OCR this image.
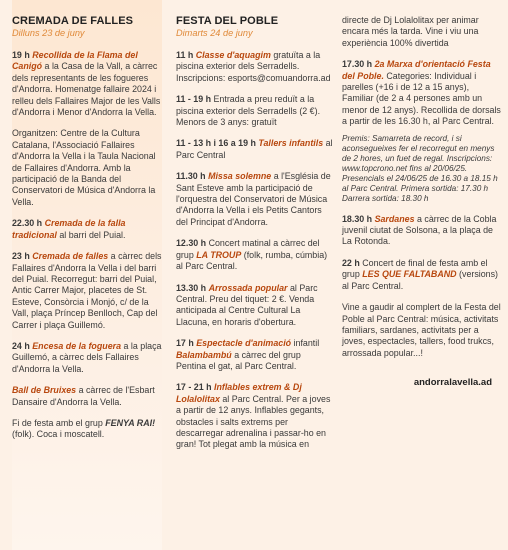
CREMADA DE FALLES
Dilluns 23 de juny

19 h Recollida de la Flama del Canigó a la Casa de la Vall, a càrrec dels representants de les fogueres d'Andorra. Homenatge fallaire 2024 i relleu dels Fallaires Major de les Valls d'Andorra i Menor d'Andorra la Vella.

Organitzen: Centre de la Cultura Catalana, l'Associació Fallaires d'Andorra la Vella i la Taula Nacional de Fallaires d'Andorra. Amb la participació de la Banda del Conservatori de Música d'Andorra la Vella.

22.30 h Cremada de la falla tradicional al barri del Puial.

23 h Cremada de falles a càrrec dels Fallaires d'Andorra la Vella i del barri del Puial. Recorregut: barri del Puial, Antic Carrer Major, placetes de St. Esteve, Consòrcia i Monjó, c/ de la Vall, plaça Príncep Benlloch, Cap del Carrer i plaça Guillemó.

24 h Encesa de la foguera a la plaça Guillemó, a càrrec dels Fallaires d'Andorra la Vella.

Ball de Bruixes a càrrec de l'Esbart Dansaire d'Andorra la Vella.

Fi de festa amb el grup FENYA RAI! (folk). Coca i moscatell.

FESTA DEL POBLE
Dimarts 24 de juny

11 h Classe d'aquagim gratuïta a la piscina exterior dels Serradells. Inscripcions: esports@comuandorra.ad

11 - 19 h Entrada a preu reduït a la piscina exterior dels Serradells (2 €). Menors de 3 anys: gratuït

11 - 13 h i 16 a 19 h Tallers infantils al Parc Central

11.30 h Missa solemne a l'Església de Sant Esteve amb la participació de l'orquestra del Conservatori de Música d'Andorra la Vella i els Petits Cantors del Principat d'Andorra.

12.30 h Concert matinal a càrrec del grup LA TROUP (folk, rumba, cúmbia) al Parc Central.

13.30 h Arrossada popular al Parc Central. Preu del tiquet: 2 €. Venda anticipada al Centre Cultural La Llacuna, en horaris d'obertura.

17 h Espectacle d'animació infantil Balambambú a càrrec del grup Pentina el gat, al Parc Central.

17 - 21 h Inflables extrem & Dj Lolalolitax al Parc Central. Per a joves a partir de 12 anys. Inflables gegants, obstacles i salts extrems per descarregar adrenalina i passar-ho en gran! Tot plegat amb la música en

directe de Dj Lolalolitax per animar encara més la tarda. Vine i viu una experiència 100% divertida

17.30 h 2a Marxa d'orientació Festa del Poble. Categories: Individual i parelles (+16 i de 12 a 15 anys), Familiar (de 2 a 4 persones amb un menor de 12 anys). Recollida de dorsals a partir de les 16.30 h, al Parc Central.

Premis: Samarreta de record, i si aconsegueixes fer el recorregut en menys de 2 hores, un fuet de regal. Inscripcions: www.topcrono.net fins al 20/06/25. Presencials el 24/06/25 de 16.30 a 18.15 h al Parc Central. Primera sortida: 17.30 h Darrera sortida: 18.30 h

18.30 h Sardanes a càrrec de la Cobla juvenil ciutat de Solsona, a la plaça de La Rotonda.

22 h Concert de final de festa amb el grup LES QUE FALTABAND (versions) al Parc Central.

Vine a gaudir al complert de la Festa del Poble al Parc Central: música, activitats familiars, sardanes, activitats per a joves, espectacles, tallers, food trukcs, arrossada popular...!

andorralavella.ad
